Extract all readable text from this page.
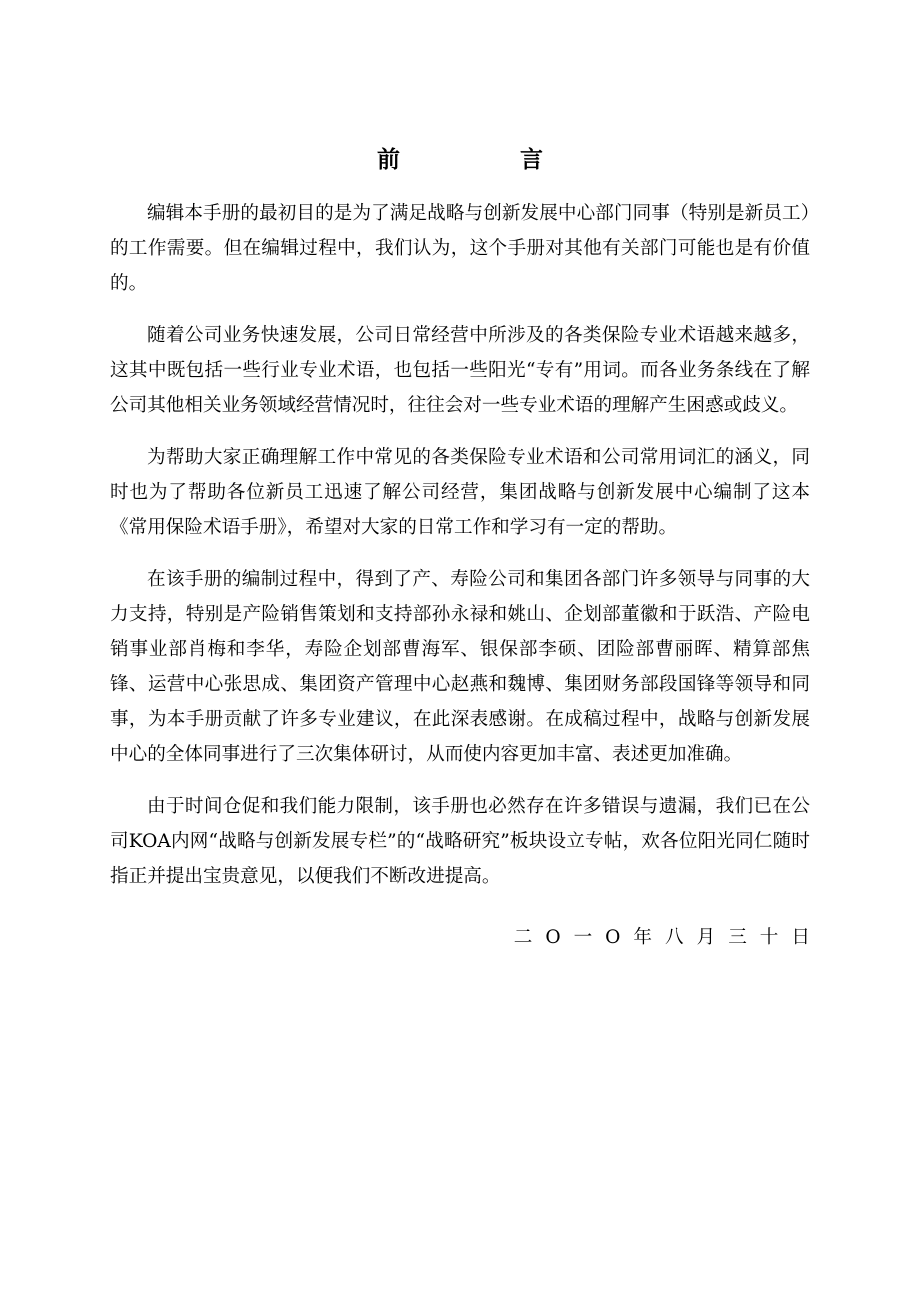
前 言

编辑本手册的最初目的是为了满足战略与创新发展中心部门同事（特别是新员工）的工作需要。但在编辑过程中，我们认为，这个手册对其他有关部门可能也是有价值的。

随着公司业务快速发展，公司日常经营中所涉及的各类保险专业术语越来越多，这其中既包括一些行业专业术语，也包括一些阳光“专有”用词。而各业务条线在了解公司其他相关业务领域经营情况时，往往会对一些专业术语的理解产生困惑或歧义。

为帮助大家正确理解工作中常见的各类保险专业术语和公司常用词汇的涵义，同时也为了帮助各位新员工迅速了解公司经营，集团战略与创新发展中心编制了这本《常用保险术语手册》，希望对大家的日常工作和学习有一定的帮助。

在该手册的编制过程中，得到了产、寿险公司和集团各部门许多领导与同事的大力支持，特别是产险销售策划和支持部孙永禄和姚山、企划部董徽和于跃浩、产险电销事业部肖梅和李华，寿险企划部曹海军、银保部李硕、团险部曹丽晖、精算部焦锋、运营中心张思成、集团资产管理中心赵燕和魏博、集团财务部段国锋等领导和同事，为本手册贡献了许多专业建议，在此深表感谢。在成稿过程中，战略与创新发展中心的全体同事进行了三次集体研讨，从而使内容更加丰富、表述更加准确。

由于时间仓促和我们能力限制，该手册也必然存在许多错误与遗漏，我们已在公司KOA内网“战略与创新发展专栏”的“战略研究”板块设立专帖，欢各位阳光同仁随时指正并提出宝贵意见，以便我们不断改进提高。

二O一O年八月三十日
